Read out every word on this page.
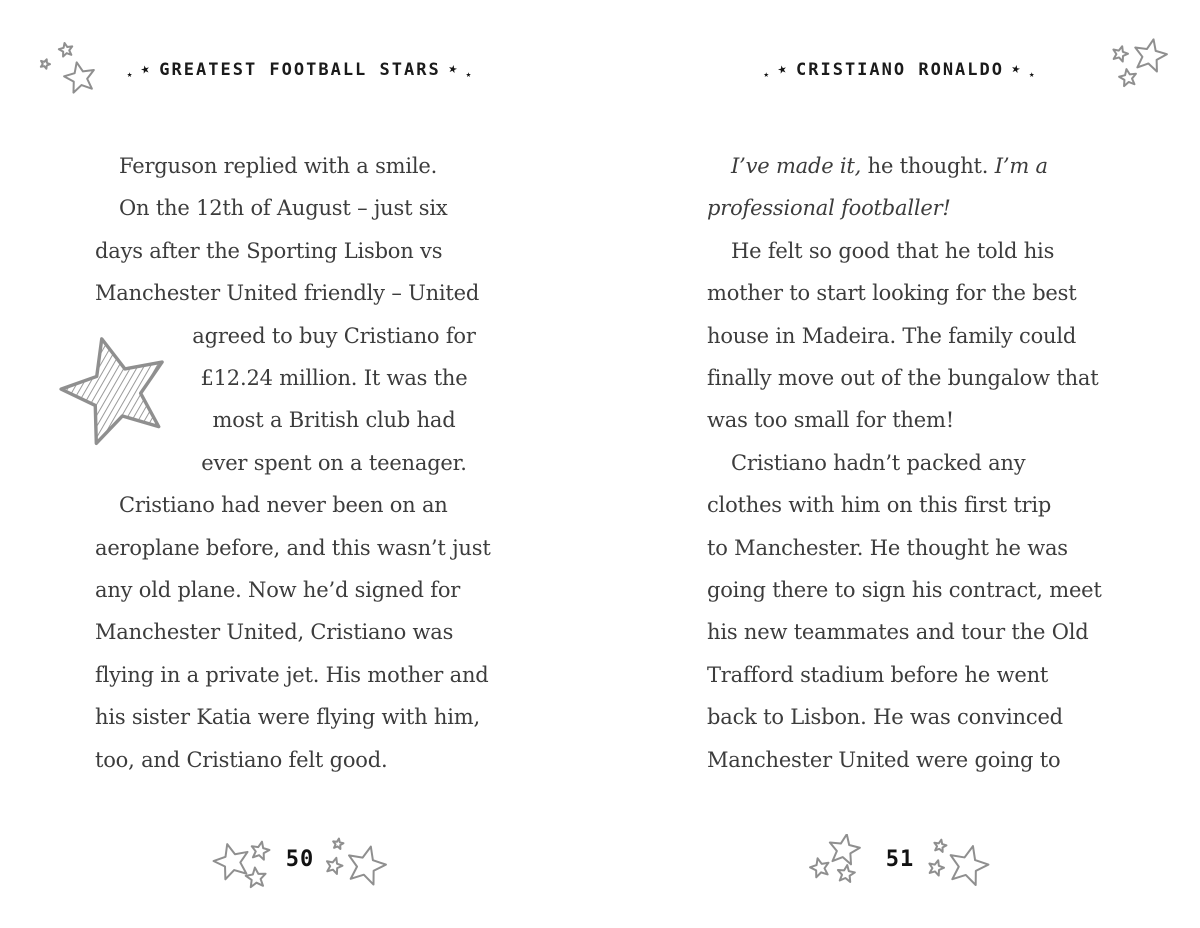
★ ★ GREATEST FOOTBALL STARS ★ ★
Ferguson replied with a smile.
On the 12th of August – just six
days after the Sporting Lisbon vs
Manchester United friendly – United
agreed to buy Cristiano for
£12.24 million. It was the
most a British club had
ever spent on a teenager.
Cristiano had never been on an
aeroplane before, and this wasn’t just
any old plane. Now he’d signed for
Manchester United, Cristiano was
flying in a private jet. His mother and
his sister Katia were flying with him,
too, and Cristiano felt good.
50
★ ★ CRISTIANO RONALDO ★ ★
I’ve made it, he thought. I’m a
professional footballer!
He felt so good that he told his
mother to start looking for the best
house in Madeira. The family could
finally move out of the bungalow that
was too small for them!
Cristiano hadn’t packed any
clothes with him on this first trip
to Manchester. He thought he was
going there to sign his contract, meet
his new teammates and tour the Old
Trafford stadium before he went
back to Lisbon. He was convinced
Manchester United were going to
51
